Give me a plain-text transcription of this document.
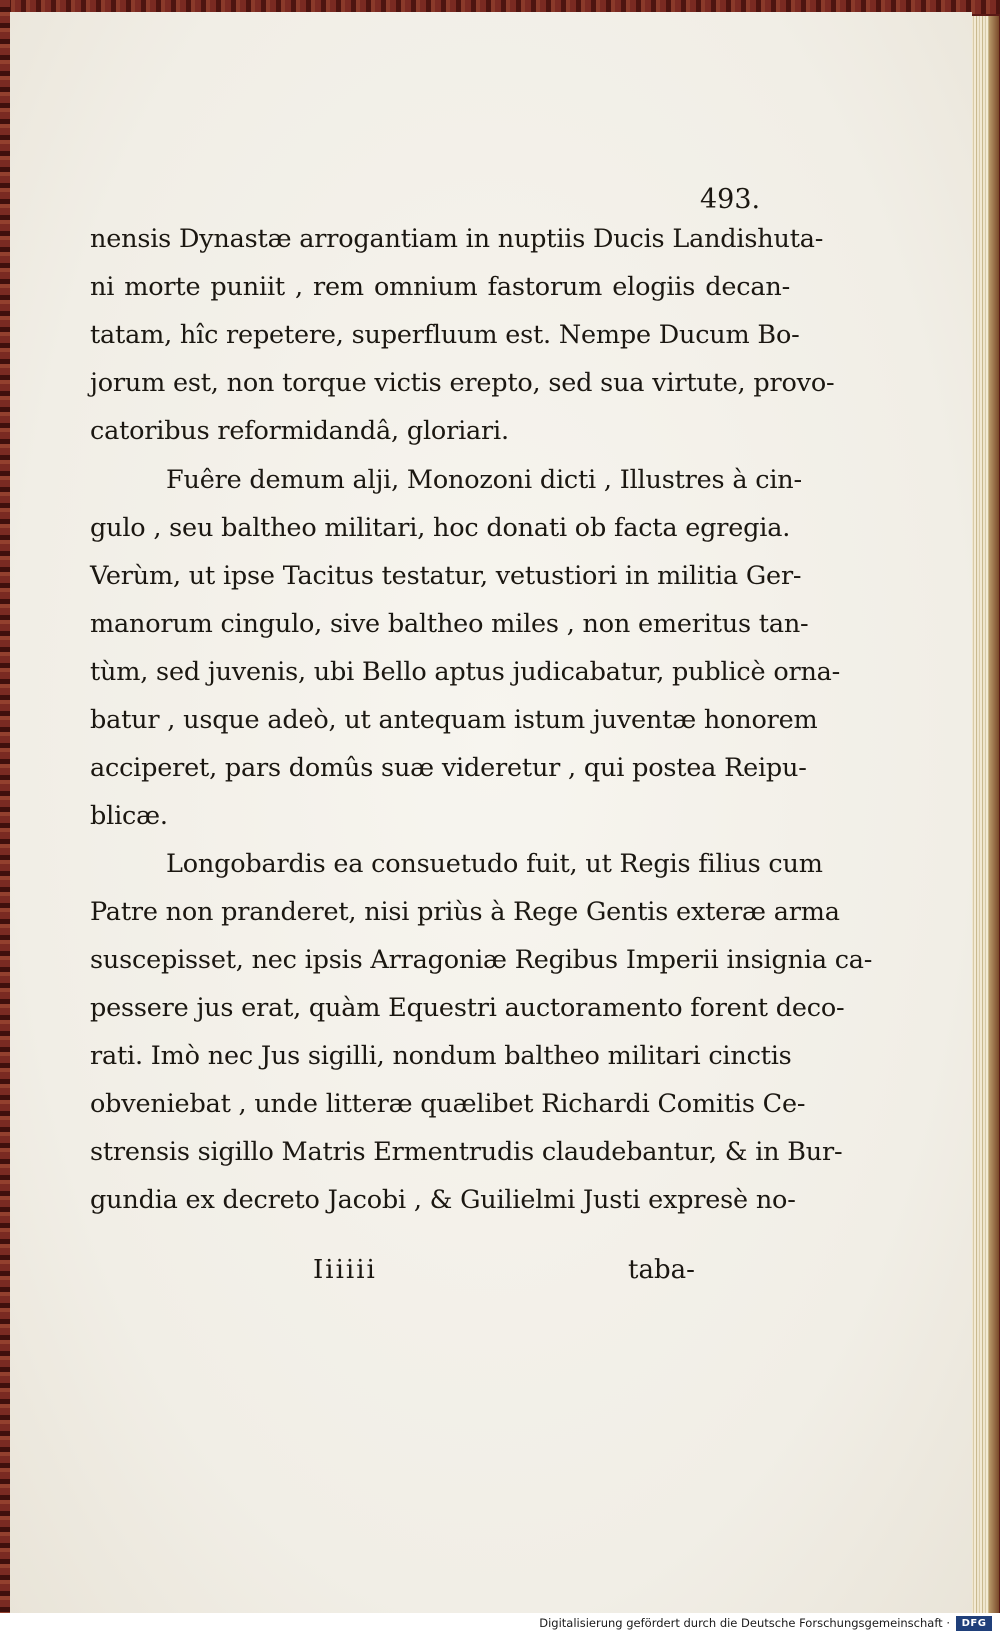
493.
nensis Dynastæ arrogantiam in nuptiis Ducis Landishuta-
ni morte puniit , rem omnium fastorum elogiis decan-
tatam, hîc repetere, superfluum est. Nempe Ducum Bo-
jorum est, non torque victis erepto, sed sua virtute, provo-
catoribus reformidandâ, gloriari.
Fuêre demum alji, Monozoni dicti , Illustres à cin-
gulo , seu baltheo militari, hoc donati ob facta egregia.
Verùm, ut ipse Tacitus testatur, vetustiori in militia Ger-
manorum cingulo, sive baltheo miles , non emeritus tan-
tùm, sed juvenis, ubi Bello aptus judicabatur, publicè orna-
batur , usque adeò, ut antequam istum juventæ honorem
acciperet, pars domûs suæ videretur , qui postea Reipu-
blicæ.
Longobardis ea consuetudo fuit, ut Regis filius cum
Patre non pranderet, nisi priùs à Rege Gentis exteræ arma
suscepisset, nec ipsis Arragoniæ Regibus Imperii insignia ca-
pessere jus erat, quàm Equestri auctoramento forent deco-
rati. Imò nec Jus sigilli, nondum baltheo militari cinctis
obveniebat , unde litteræ quælibet Richardi Comitis Ce-
strensis sigillo Matris Ermentrudis claudebantur, & in Bur-
gundia ex decreto Jacobi , & Guilielmi Justi expresè no-
Iiiiii	taba-
Digitalisierung gefördert durch die Deutsche Forschungsgemeinschaft ·	DFG
